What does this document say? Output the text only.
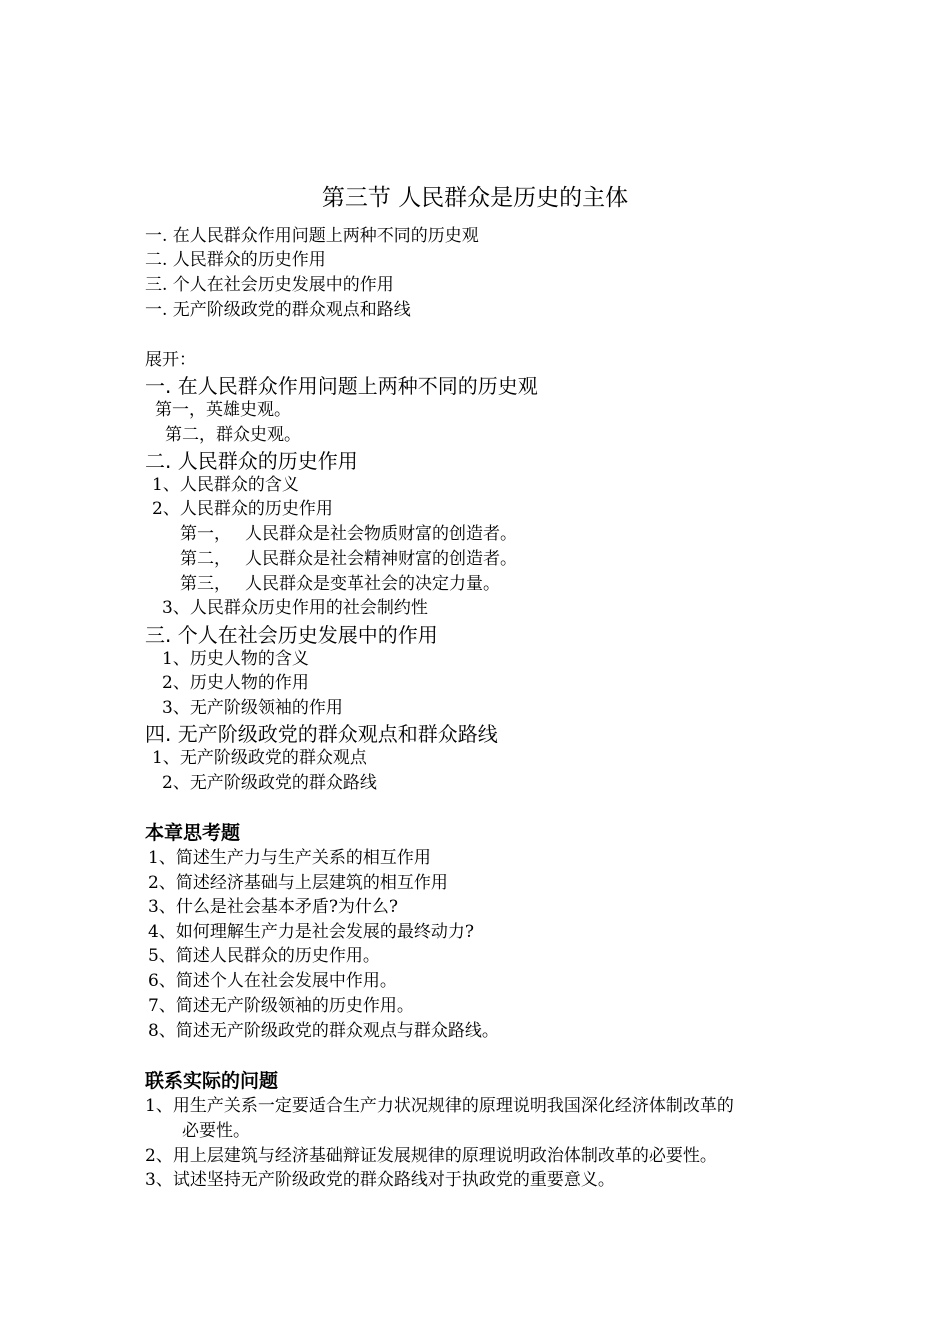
第三节 人民群众是历史的主体
一. 在人民群众作用问题上两种不同的历史观
二. 人民群众的历史作用
三. 个人在社会历史发展中的作用
一. 无产阶级政党的群众观点和路线
展开：
一. 在人民群众作用问题上两种不同的历史观
第一，英雄史观。
第二，群众史观。
二. 人民群众的历史作用
1、人民群众的含义
2、人民群众的历史作用
第一， 人民群众是社会物质财富的创造者。
第二， 人民群众是社会精神财富的创造者。
第三， 人民群众是变革社会的决定力量。
3、人民群众历史作用的社会制约性
三. 个人在社会历史发展中的作用
1、历史人物的含义
2、历史人物的作用
3、无产阶级领袖的作用
四. 无产阶级政党的群众观点和群众路线
1、无产阶级政党的群众观点
2、无产阶级政党的群众路线
本章思考题
1、简述生产力与生产关系的相互作用
2、简述经济基础与上层建筑的相互作用
3、什么是社会基本矛盾?为什么?
4、如何理解生产力是社会发展的最终动力?
5、简述人民群众的历史作用。
6、简述个人在社会发展中作用。
7、简述无产阶级领袖的历史作用。
8、简述无产阶级政党的群众观点与群众路线。
联系实际的问题
1、用生产关系一定要适合生产力状况规律的原理说明我国深化经济体制改革的
必要性。
2、用上层建筑与经济基础辩证发展规律的原理说明政治体制改革的必要性。
3、试述坚持无产阶级政党的群众路线对于执政党的重要意义。
